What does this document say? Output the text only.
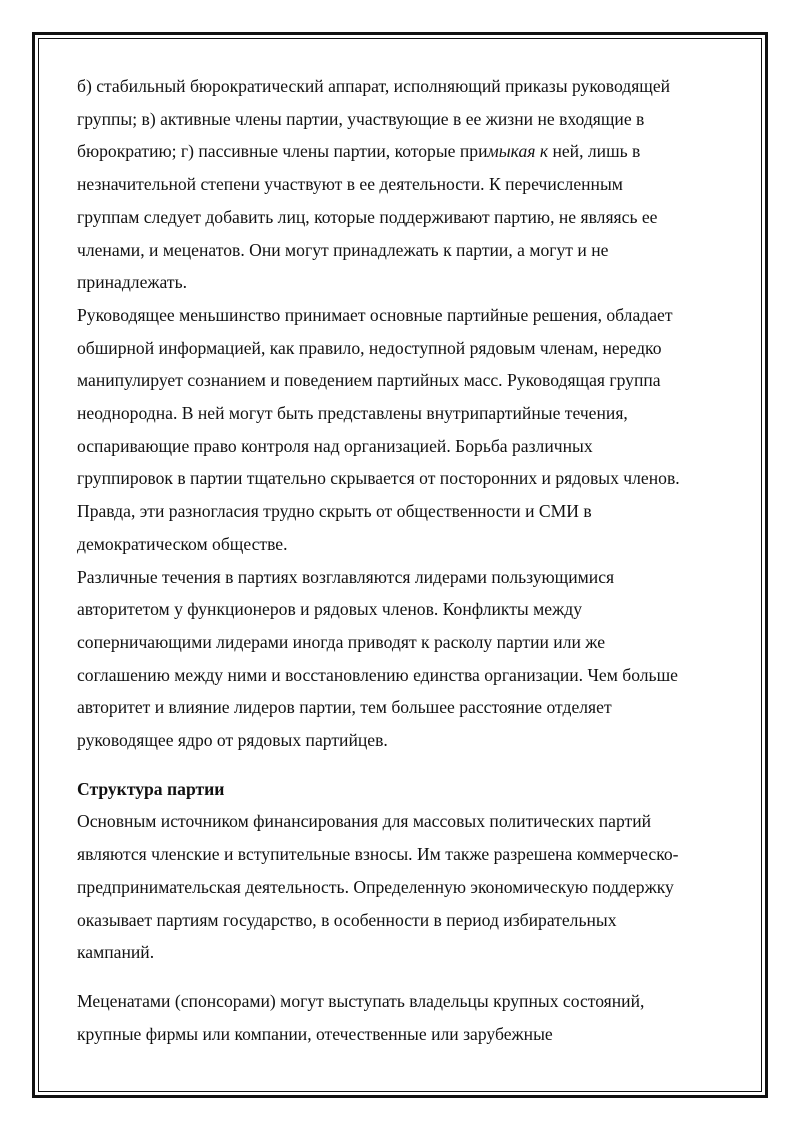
б) стабильный бюрократический аппарат, исполняющий приказы руководящей
группы; в) активные члены партии, участвующие в ее жизни не входящие в
бюрократию; г) пассивные члены партии, которые примыкая к ней, лишь в
незначительной степени участвуют в ее деятельности. К перечисленным
группам следует добавить лиц, которые поддерживают партию, не являясь ее
членами, и меценатов. Они могут принадлежать к партии, а могут и не
принадлежать.
Руководящее меньшинство принимает основные партийные решения, обладает
обширной информацией, как правило, недоступной рядовым членам, нередко
манипулирует сознанием и поведением партийных масс. Руководящая группа
неоднородна. В ней могут быть представлены внутрипартийные течения,
оспаривающие право контроля над организацией. Борьба различных
группировок в партии тщательно скрывается от посторонних и рядовых членов.
Правда, эти разногласия трудно скрыть от общественности и СМИ в
демократическом обществе.
Различные течения в партиях возглавляются лидерами пользующимися
авторитетом у функционеров и рядовых членов. Конфликты между
соперничающими лидерами иногда приводят к расколу партии или же
соглашению между ними и восстановлению единства организации. Чем больше
авторитет и влияние лидеров партии, тем большее расстояние отделяет
руководящее ядро от рядовых партийцев.
Структура партии
Основным источником финансирования для массовых политических партий
являются членские и вступительные взносы. Им также разрешена коммерческо-
предпринимательская деятельность. Определенную экономическую поддержку
оказывает партиям государство, в особенности в период избирательных
кампаний.
Меценатами (спонсорами) могут выступать владельцы крупных состояний,
крупные фирмы или компании, отечественные или зарубежные
